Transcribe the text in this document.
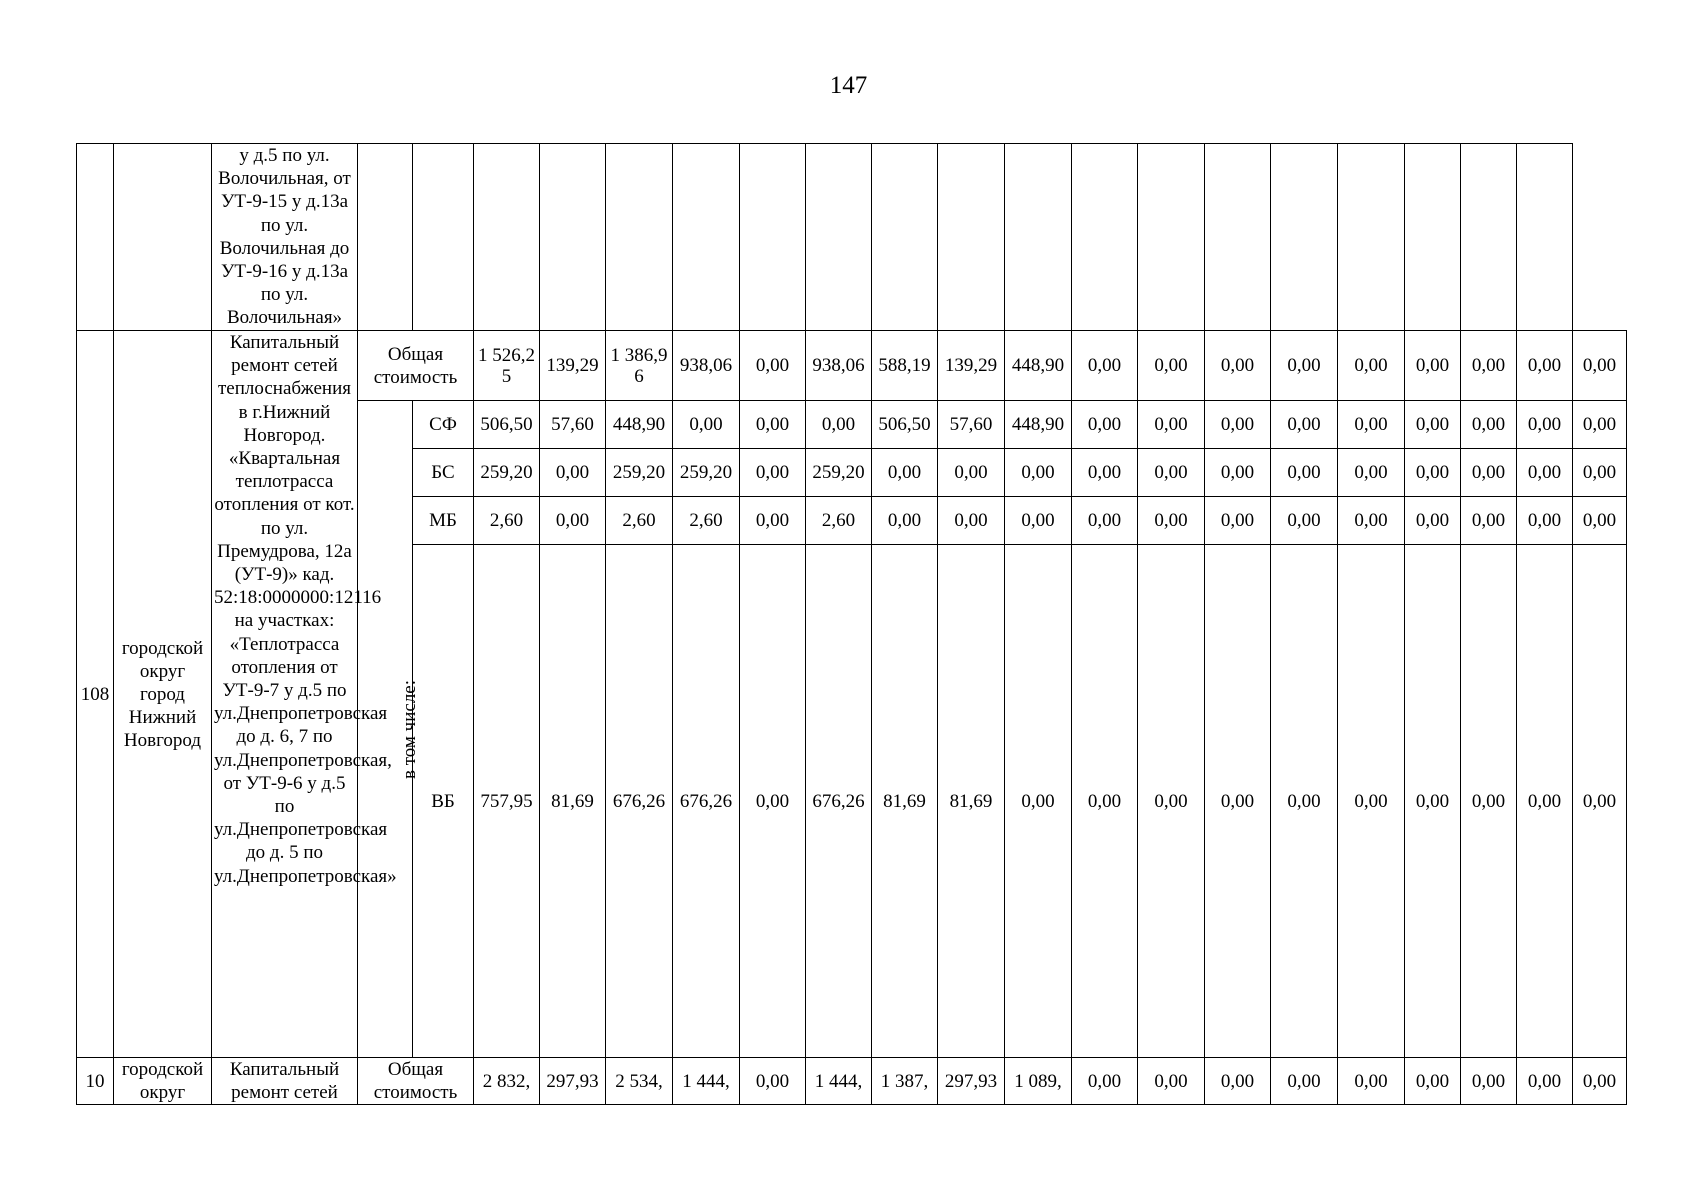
147
		у д.5 по ул. Волочильная, от УТ-9-15 у д.13а по ул. Волочильная до УТ-9-16 у д.13а по ул. Волочильная»																				
108	городской округ город Нижний Новгород	Капитальный ремонт сетей теплоснабжения в г.Нижний Новгород. «Квартальная теплотрасса отопления от кот. по ул. Премудрова, 12а (УТ-9)» кад. 52:18:0000000:12116 на участках: «Теплотрасса отопления от УТ-9-7 у д.5 по ул.Днепропетровская до д. 6, 7 по ул.Днепропетровская, от УТ-9-6 у д.5 по ул.Днепропетровская до д. 5 по ул.Днепропетровская»	Общая стоимость		1 526,25	139,29	1 386,96	938,06	0,00	938,06	588,19	139,29	448,90	0,00	0,00	0,00	0,00	0,00	0,00	0,00	0,00	0,00
			в том числе:	СФ	506,50	57,60	448,90	0,00	0,00	0,00	506,50	57,60	448,90	0,00	0,00	0,00	0,00	0,00	0,00	0,00	0,00	0,00
				БС	259,20	0,00	259,20	259,20	0,00	259,20	0,00	0,00	0,00	0,00	0,00	0,00	0,00	0,00	0,00	0,00	0,00	0,00
				МБ	2,60	0,00	2,60	2,60	0,00	2,60	0,00	0,00	0,00	0,00	0,00	0,00	0,00	0,00	0,00	0,00	0,00	0,00
				ВБ	757,95	81,69	676,26	676,26	0,00	676,26	81,69	81,69	0,00	0,00	0,00	0,00	0,00	0,00	0,00	0,00	0,00	0,00
10	городской округ	Капитальный ремонт сетей	Общая стоимость		2 832,	297,93	2 534,	1 444,	0,00	1 444,	1 387,	297,93	1 089,	0,00	0,00	0,00	0,00	0,00	0,00	0,00	0,00	0,00
